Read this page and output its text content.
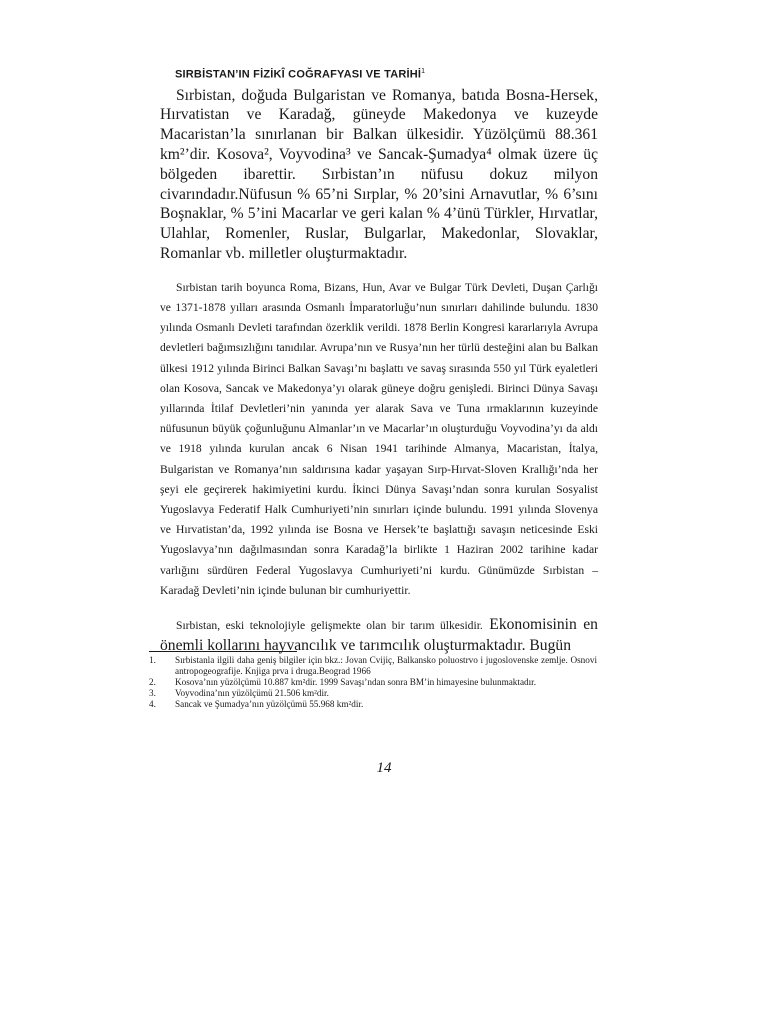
SIRBİSTAN’IN FİZİKÎ COĞRAFYASI VE TARİHİ$^1$

Sırbistan, doğuda Bulgaristan ve Romanya, batıda Bosna-Hersek, Hırvatistan ve Karadağ, güneyde Makedonya ve kuzeyde Macaristan’la sınırlanan bir Balkan ülkesidir. Yüzölçümü 88.361 km²’dir. Kosova², Voyvodina³ ve Sancak-Şumadya⁴ olmak üzere üç bölgeden ibarettir. Sırbistan’ın nüfusu dokuz milyon civarındadır.Nüfusun % 65’ni Sırplar, % 20’sini Arnavutlar, % 6’sını Boşnaklar, % 5’ini Macarlar ve geri kalan % 4’ünü Türkler, Hırvatlar, Ulahlar, Romenler, Ruslar, Bulgarlar, Makedonlar, Slovaklar, Romanlar vb. milletler oluşturmaktadır.

Sırbistan tarih boyunca Roma, Bizans, Hun, Avar ve Bulgar Türk Devleti, Duşan Çarlığı ve 1371-1878 yılları arasında Osmanlı İmparatorluğu’nun sınırları dahilinde bulundu. 1830 yılında Osmanlı Devleti tarafından özerklik verildi. 1878 Berlin Kongresi kararlarıyla Avrupa devletleri bağımsızlığını tanıdılar. Avrupa’nın ve Rusya’nın her türlü desteğini alan bu Balkan ülkesi 1912 yılında Birinci Balkan Savaşı’nı başlattı ve savaş sırasında 550 yıl Türk eyaletleri olan Kosova, Sancak ve Makedonya’yı olarak güneye doğru genişledi. Birinci Dünya Savaşı yıllarında İtilaf Devletleri’nin yanında yer alarak Sava ve Tuna ırmaklarının kuzeyinde nüfusunun büyük çoğunluğunu Almanlar’ın ve Macarlar’ın oluşturduğu Voyvodina’yı da aldı ve 1918 yılında kurulan ancak 6 Nisan 1941 tarihinde Almanya, Macaristan, İtalya, Bulgaristan ve Romanya’nın saldırısına kadar yaşayan Sırp-Hırvat-Sloven Krallığı’nda her şeyi ele geçirerek hakimiyetini kurdu. İkinci Dünya Savaşı’ndan sonra kurulan Sosyalist Yugoslavya Federatif Halk Cumhuriyeti’nin sınırları içinde bulundu. 1991 yılında Slovenya ve Hırvatistan’da, 1992 yılında ise Bosna ve Hersek’te başlattığı savaşın neticesinde Eski Yugoslavya’nın dağılmasından sonra Karadağ’la birlikte 1 Haziran 2002 tarihine kadar varlığını sürdüren Federal Yugoslavya Cumhuriyeti’ni kurdu. Günümüzde Sırbistan – Karadağ Devleti’nin içinde bulunan bir cumhuriyettir.

Sırbistan, eski teknolojiyle gelişmekte olan bir tarım ülkesidir. Ekonomisinin en önemli kollarını hayvancılık ve tarımcılık oluşturmaktadır. Bugün

1.	Sırbistanla ilgili daha geniş bilgiler için bkz.: Jovan Cvijiç, Balkansko poluostrvo i jugoslovenske zemlje. Osnovi antropogeografije. Knjiga prva i druga.Beograd 1966
2.	Kosova’nın yüzölçümü 10.887 km²dir. 1999 Savaşı’ndan sonra BM’in himayesine bulunmaktadır.
3.	Voyvodina’nın yüzölçümü 21.506 km²dir.
4.	Sancak ve Şumadya’nın yüzölçümü 55.968 km²dir.
14
